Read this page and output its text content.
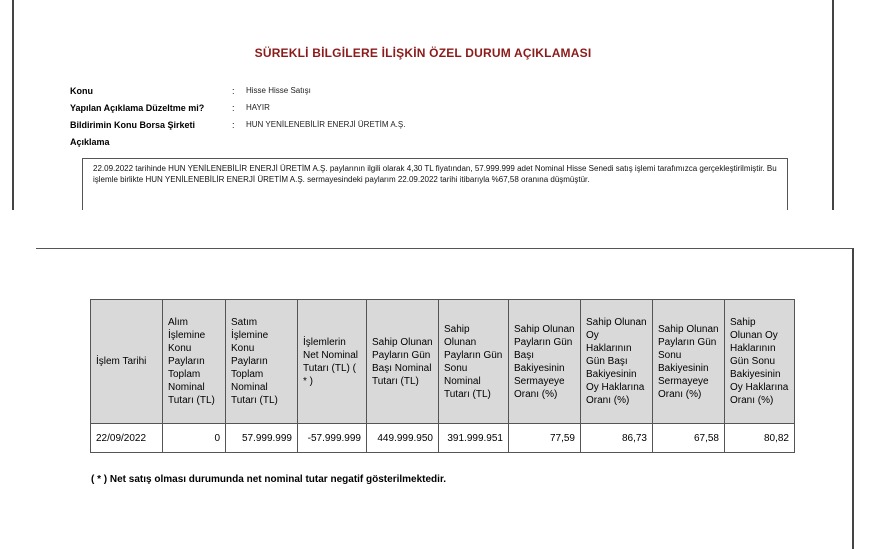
SÜREKLİ BİLGİLERE İLİŞKİN ÖZEL DURUM AÇIKLAMASI
Konu	:	Hisse Hisse Satışı
Yapılan Açıklama Düzeltme mi?	:	HAYIR
Bildirimin Konu Borsa Şirketi	:	HUN YENİLENEBİLİR ENERJİ ÜRETİM A.Ş.
Açıklama
22.09.2022 tarihinde HUN YENİLENEBİLİR ENERJİ ÜRETİM A.Ş. paylarının ilgili olarak 4,30 TL fiyatından, 57.999.999 adet Nominal Hisse Senedi satış işlemi tarafımızca gerçekleştirilmiştir. Bu işlemle birlikte HUN YENİLENEBİLİR ENERJİ ÜRETİM A.Ş. sermayesindeki paylarım 22.09.2022 tarihi itibarıyla %67,58 oranına düşmüştür.
İşlem Tarihi	Alım İşlemine Konu Payların Toplam Nominal Tutarı (TL)	Satım İşlemine Konu Payların Toplam Nominal Tutarı (TL)	İşlemlerin Net Nominal Tutarı (TL) ( * )	Sahip Olunan Payların Gün Başı Nominal Tutarı (TL)	Sahip Olunan Payların Gün Sonu Nominal Tutarı (TL)	Sahip Olunan Payların Gün Başı Bakiyesinin Sermayeye Oranı (%)	Sahip Olunan Oy Haklarının Gün Başı Bakiyesinin Oy Haklarına Oranı (%)	Sahip Olunan Payların Gün Sonu Bakiyesinin Sermayeye Oranı (%)	Sahip Olunan Oy Haklarının Gün Sonu Bakiyesinin Oy Haklarına Oranı (%)
22/09/2022	0	57.999.999	-57.999.999	449.999.950	391.999.951	77,59	86,73	67,58	80,82
( * ) Net satış olması durumunda net nominal tutar negatif gösterilmektedir.
